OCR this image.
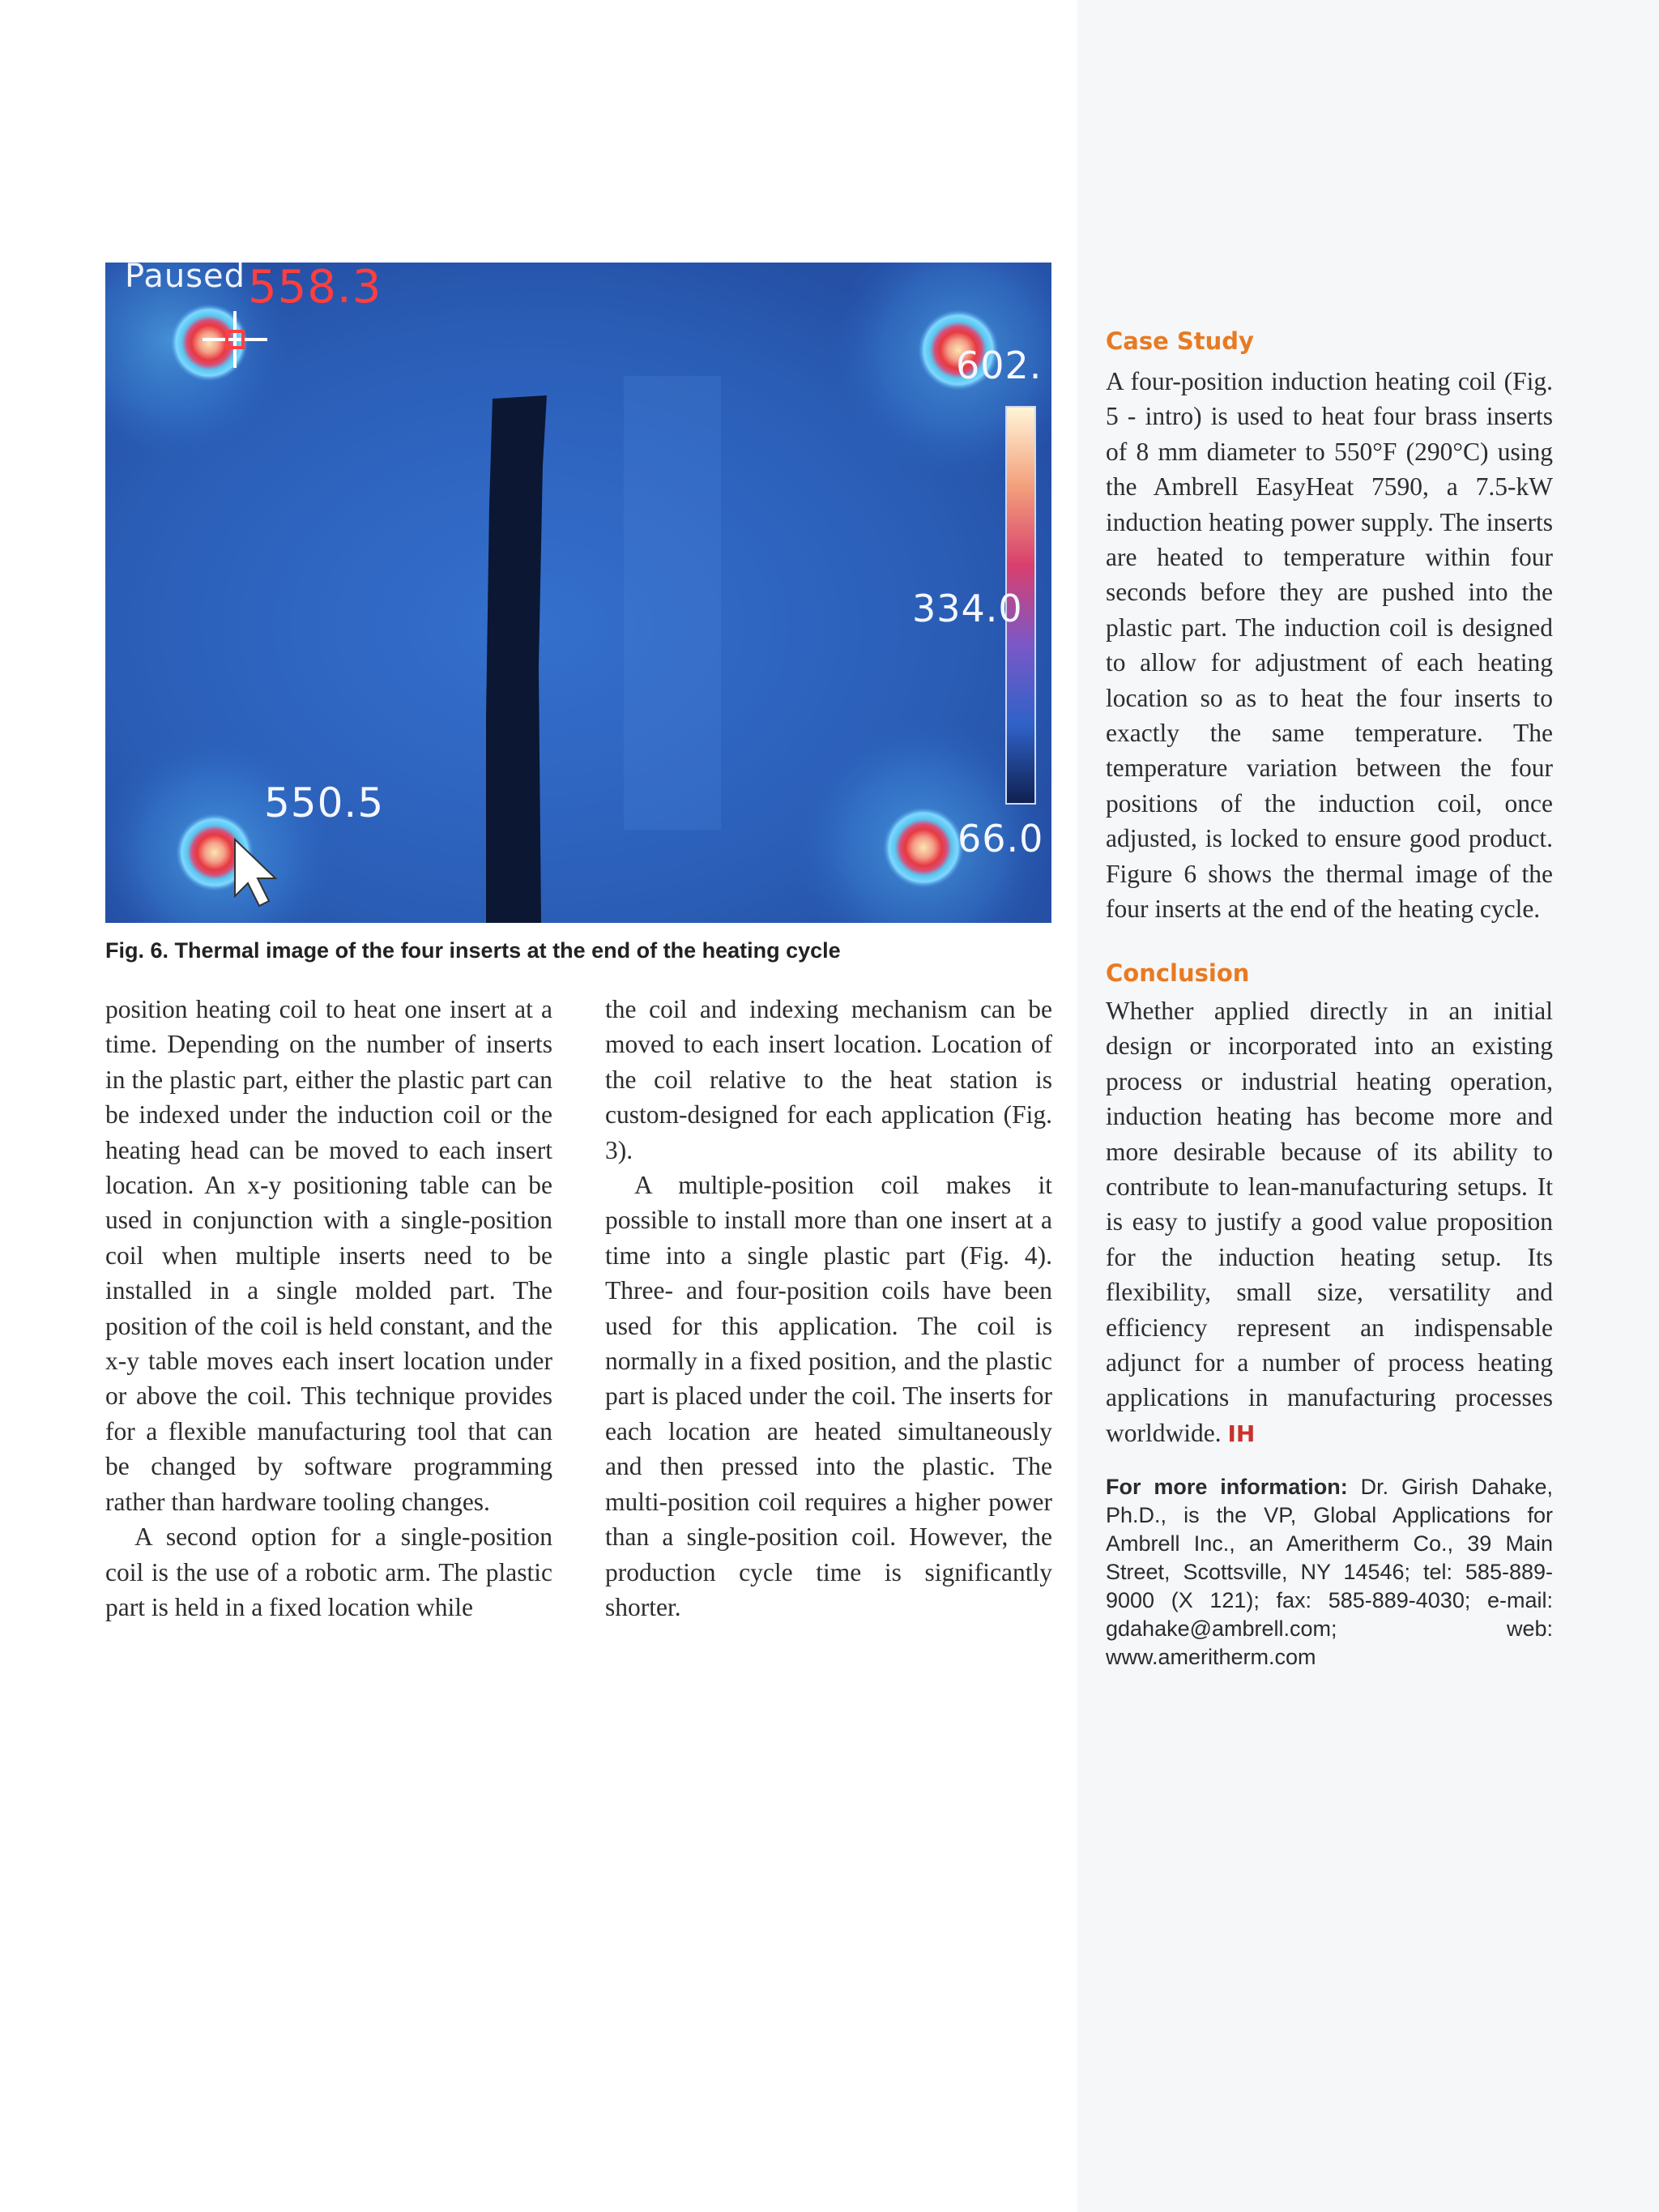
Paused 558.3
602.
334.0
550.5
66.0
Fig. 6. Thermal image of the four inserts at the end of the heating cycle

position heating coil to heat one insert at a time. Depending on the number of inserts in the plastic part, either the plastic part can be indexed under the induction coil or the heating head can be moved to each insert location. An x-y positioning table can be used in conjunction with a single-position coil when multiple inserts need to be installed in a single molded part. The position of the coil is held constant, and the x-y table moves each insert location under or above the coil. This technique provides for a flexible manufacturing tool that can be changed by software programming rather than hardware tooling changes.

A second option for a single-position coil is the use of a robotic arm. The plastic part is held in a fixed location while

the coil and indexing mechanism can be moved to each insert location. Location of the coil relative to the heat station is custom-designed for each application (Fig. 3).

A multiple-position coil makes it possible to install more than one insert at a time into a single plastic part (Fig. 4). Three- and four-position coils have been used for this application. The coil is normally in a fixed position, and the plastic part is placed under the coil. The inserts for each location are heated simultaneously and then pressed into the plastic. The multi-position coil requires a higher power than a single-position coil. However, the production cycle time is significantly shorter.

Case Study

A four-position induction heating coil (Fig. 5 - intro) is used to heat four brass inserts of 8 mm diameter to 550°F (290°C) using the Ambrell EasyHeat 7590, a 7.5-kW induction heating power supply. The inserts are heated to temperature within four seconds before they are pushed into the plastic part. The induction coil is designed to allow for adjustment of each heating location so as to heat the four inserts to exactly the same temperature. The temperature variation between the four positions of the induction coil, once adjusted, is locked to ensure good product. Figure 6 shows the thermal image of the four inserts at the end of the heating cycle.

Conclusion

Whether applied directly in an initial design or incorporated into an existing process or industrial heating operation, induction heating has become more and more desirable because of its ability to contribute to lean-manufacturing setups. It is easy to justify a good value proposition for the induction heating setup. Its flexibility, small size, versatility and efficiency represent an indispensable adjunct for a number of process heating applications in manufacturing processes worldwide. IH

For more information: Dr. Girish Dahake, Ph.D., is the VP, Global Applications for Ambrell Inc., an Ameritherm Co., 39 Main Street, Scottsville, NY 14546; tel: 585-889-9000 (X 121); fax: 585-889-4030; e-mail: gdahake@ambrell.com; web: www.ameritherm.com
